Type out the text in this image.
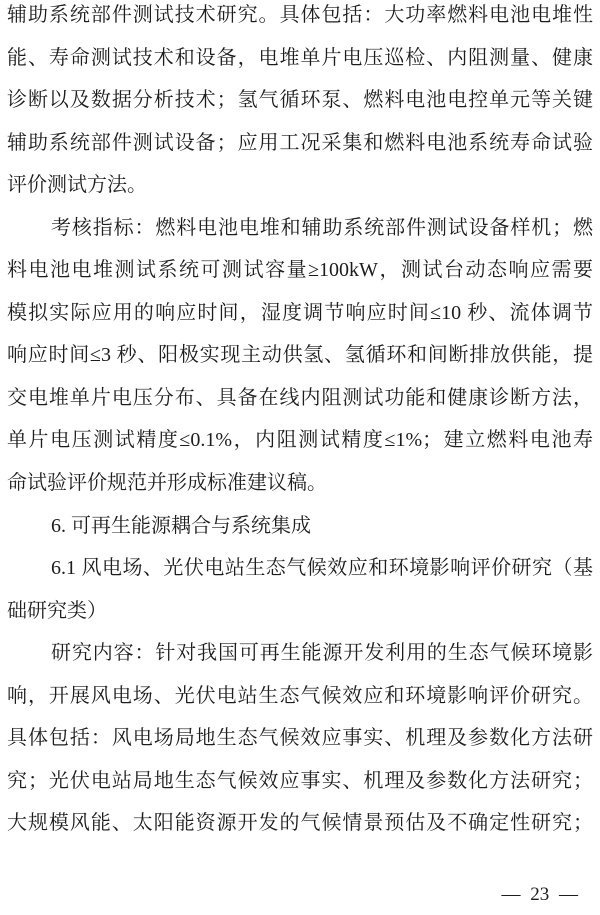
辅助系统部件测试技术研究。具体包括：大功率燃料电池电堆性
能、寿命测试技术和设备，电堆单片电压巡检、内阻测量、健康
诊断以及数据分析技术；氢气循环泵、燃料电池电控单元等关键
辅助系统部件测试设备；应用工况采集和燃料电池系统寿命试验
评价测试方法。
考核指标：燃料电池电堆和辅助系统部件测试设备样机；燃
料电池电堆测试系统可测试容量≥100kW，测试台动态响应需要
模拟实际应用的响应时间，湿度调节响应时间≤10 秒、流体调节
响应时间≤3 秒、阳极实现主动供氢、氢循环和间断排放供能，提
交电堆单片电压分布、具备在线内阻测试功能和健康诊断方法，
单片电压测试精度≤0.1%，内阻测试精度≤1%；建立燃料电池寿
命试验评价规范并形成标准建议稿。
6. 可再生能源耦合与系统集成
6.1 风电场、光伏电站生态气候效应和环境影响评价研究（基
础研究类）
研究内容：针对我国可再生能源开发利用的生态气候环境影
响，开展风电场、光伏电站生态气候效应和环境影响评价研究。
具体包括：风电场局地生态气候效应事实、机理及参数化方法研
究；光伏电站局地生态气候效应事实、机理及参数化方法研究；
大规模风能、太阳能资源开发的气候情景预估及不确定性研究；
— 23 —
